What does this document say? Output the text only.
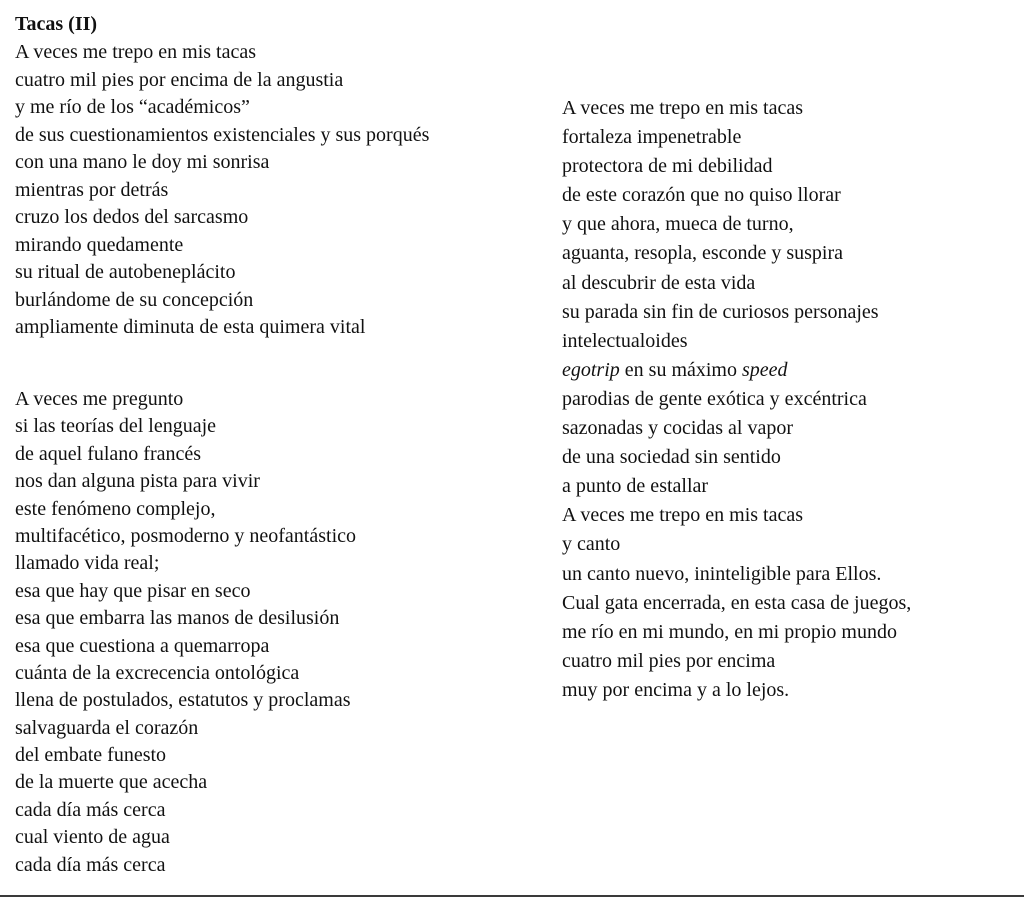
Tacas (II)
A veces me trepo en mis tacas
cuatro mil pies por encima de la angustia
y me río de los “académicos”
de sus cuestionamientos existenciales y sus porqués
con una mano le doy mi sonrisa
mientras por detrás
cruzo los dedos del sarcasmo
mirando quedamente
su ritual de autobeneplácito
burlándome de su concepción
ampliamente diminuta de esta quimera vital
A veces me pregunto
si las teorías del lenguaje
de aquel fulano francés
nos dan alguna pista para vivir
este fenómeno complejo,
multifacético, posmoderno y neofantástico
llamado vida real;
esa que hay que pisar en seco
esa que embarra las manos de desilusión
esa que cuestiona a quemarropa
cuánta de la excrecencia ontológica
llena de postulados, estatutos y proclamas
salvaguarda el corazón
del embate funesto
de la muerte que acecha
cada día más cerca
cual viento de agua
cada día más cerca
A veces me trepo en mis tacas
fortaleza impenetrable
protectora de mi debilidad
de este corazón que no quiso llorar
y que ahora, mueca de turno,
aguanta, resopla, esconde y suspira
al descubrir de esta vida
su parada sin fin de curiosos personajes
intelectualoides
egotrip en su máximo speed
parodias de gente exótica y excéntrica
sazonadas y cocidas al vapor
de una sociedad sin sentido
a punto de estallar
A veces me trepo en mis tacas
y canto
un canto nuevo, ininteligible para Ellos.
Cual gata encerrada, en esta casa de juegos,
me río en mi mundo, en mi propio mundo
cuatro mil pies por encima
muy por encima y a lo lejos.
